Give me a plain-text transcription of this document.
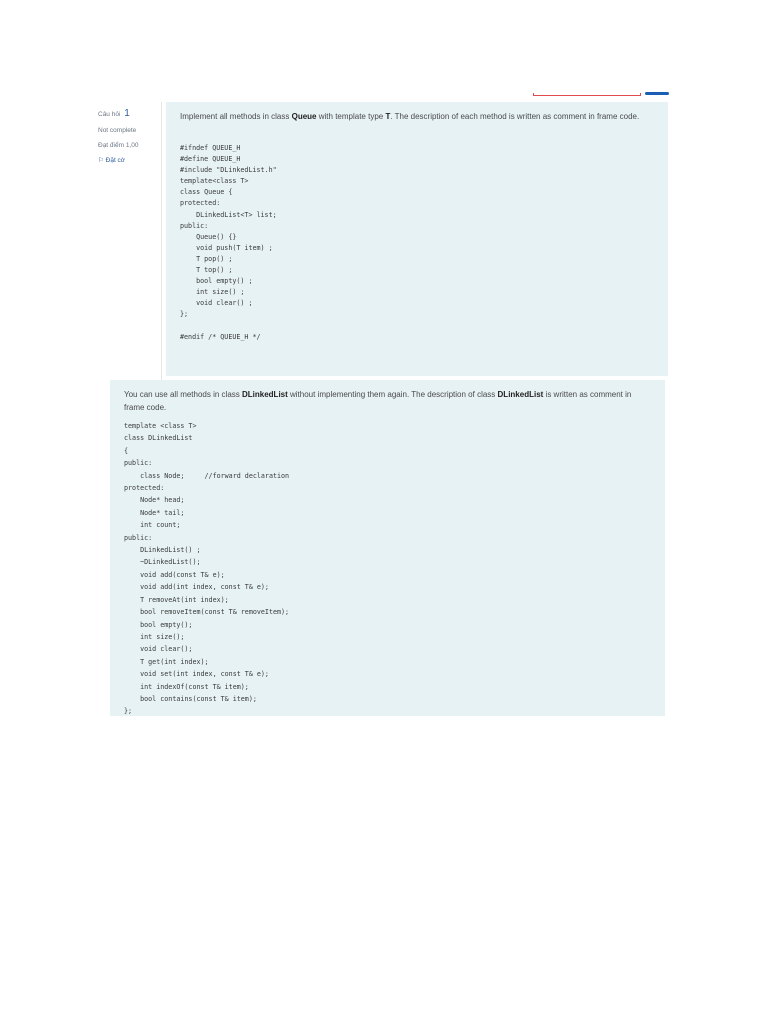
Câu hỏi 1
Not complete
Đạt điểm 1,00
⚐ Đặt cờ

Implement all methods in class Queue with template type T. The description of each method is written as comment in frame code.

#ifndef QUEUE_H
#define QUEUE_H
#include "DLinkedList.h"
template<class T>
class Queue {
protected:
DLinkedList<T> list;
public:
Queue() {}
void push(T item) ;
T pop() ;
T top() ;
bool empty() ;
int size() ;
void clear() ;
};
#endif /* QUEUE_H */

You can use all methods in class DLinkedList without implementing them again. The description of class DLinkedList is written as comment in frame code.

template <class T>
class DLinkedList
{
public:
class Node;     //forward declaration
protected:
Node* head;
Node* tail;
int count;
public:
DLinkedList() ;
~DLinkedList();
void add(const T& e);
void add(int index, const T& e);
T removeAt(int index);
bool removeItem(const T& removeItem);
bool empty();
int size();
void clear();
T get(int index);
void set(int index, const T& e);
int indexOf(const T& item);
bool contains(const T& item);
};
